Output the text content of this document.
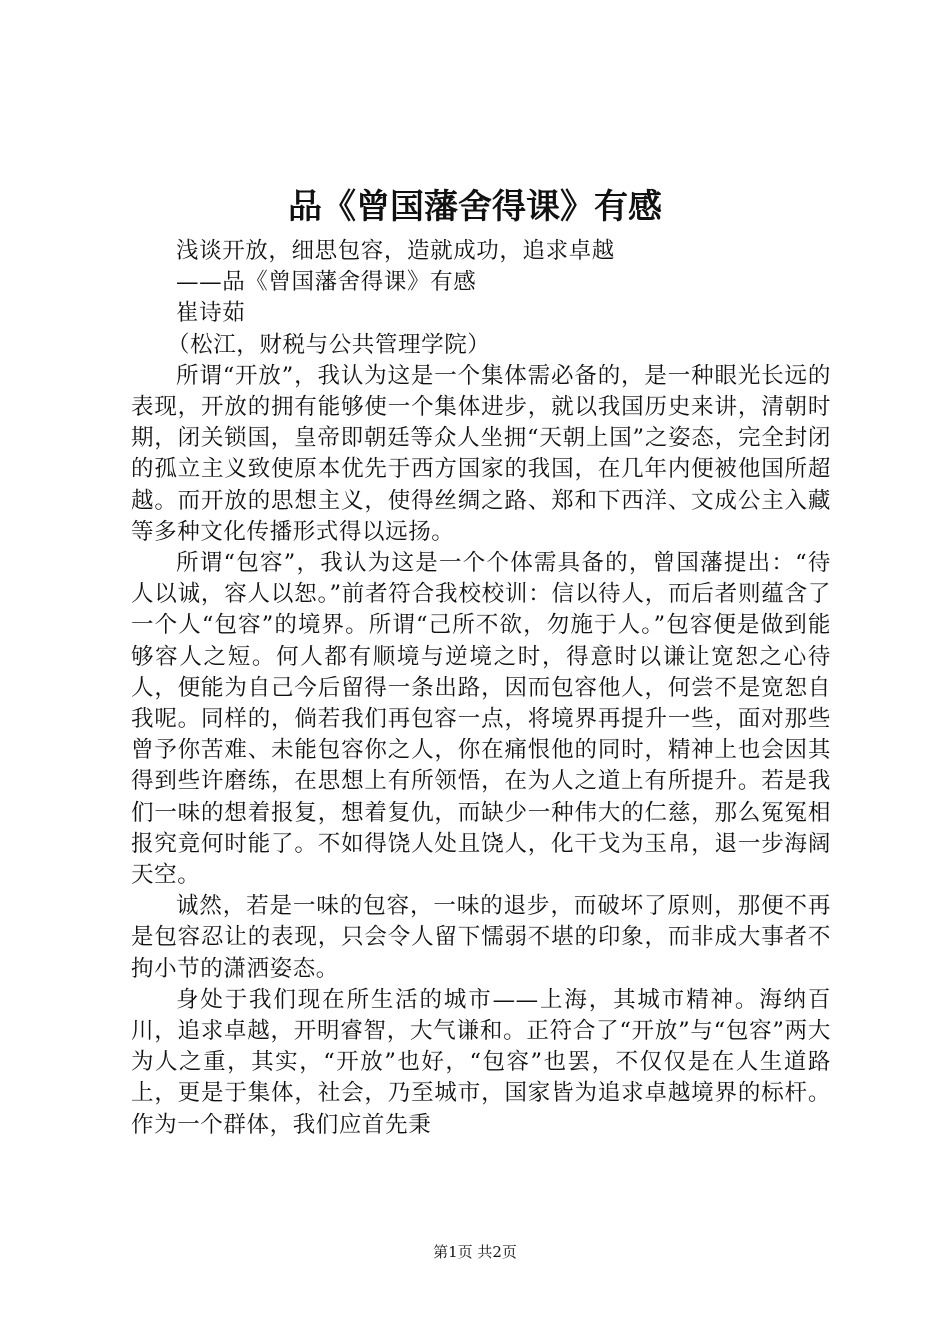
品《曾国藩舍得课》有感

浅谈开放，细思包容，造就成功，追求卓越

——品《曾国藩舍得课》有感

崔诗茹

（松江，财税与公共管理学院）

所谓“开放”，我认为这是一个集体需必备的，是一种眼光长远的表现，开放的拥有能够使一个集体进步，就以我国历史来讲，清朝时期，闭关锁国，皇帝即朝廷等众人坐拥“天朝上国”之姿态，完全封闭的孤立主义致使原本优先于西方国家的我国，在几年内便被他国所超越。而开放的思想主义，使得丝绸之路、郑和下西洋、文成公主入藏等多种文化传播形式得以远扬。

所谓“包容”，我认为这是一个个体需具备的，曾国藩提出：“待人以诚，容人以恕。”前者符合我校校训：信以待人，而后者则蕴含了一个人“包容”的境界。所谓“己所不欲，勿施于人。”包容便是做到能够容人之短。何人都有顺境与逆境之时，得意时以谦让宽恕之心待人，便能为自己今后留得一条出路，因而包容他人，何尝不是宽恕自我呢。同样的，倘若我们再包容一点，将境界再提升一些，面对那些曾予你苦难、未能包容你之人，你在痛恨他的同时，精神上也会因其得到些许磨练，在思想上有所领悟，在为人之道上有所提升。若是我们一味的想着报复，想着复仇，而缺少一种伟大的仁慈，那么冤冤相报究竟何时能了。不如得饶人处且饶人，化干戈为玉帛，退一步海阔天空。

诚然，若是一味的包容，一味的退步，而破坏了原则，那便不再是包容忍让的表现，只会令人留下懦弱不堪的印象，而非成大事者不拘小节的潇洒姿态。

身处于我们现在所生活的城市——上海，其城市精神。海纳百川，追求卓越，开明睿智，大气谦和。正符合了“开放”与“包容”两大为人之重，其实，“开放”也好，“包容”也罢，不仅仅是在人生道路上，更是于集体，社会，乃至城市，国家皆为追求卓越境界的标杆。作为一个群体，我们应首先秉

第1页 共2页
